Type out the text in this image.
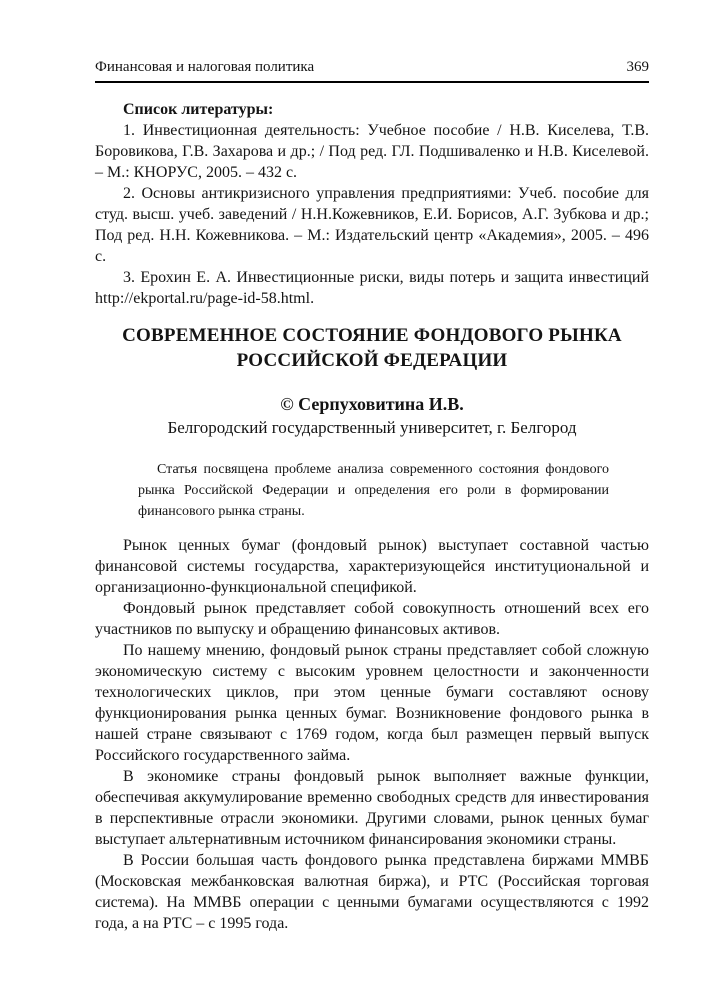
Финансовая и налоговая политика	369

Список литературы:

1. Инвестиционная деятельность: Учебное пособие / Н.В. Киселева, Т.В. Боровикова, Г.В. Захарова и др.; / Под ред. ГЛ. Подшиваленко и Н.В. Киселевой. – М.: КНОРУС, 2005. – 432 с.

2. Основы антикризисного управления предприятиями: Учеб. пособие для студ. высш. учеб. заведений / Н.Н.Кожевников, Е.И. Борисов, А.Г. Зубкова и др.; Под ред. Н.Н. Кожевникова. – М.: Издательский центр «Академия», 2005. – 496 с.

3. Ерохин Е. А. Инвестиционные риски, виды потерь и защита инвестиций http://ekportal.ru/page-id-58.html.

СОВРЕМЕННОЕ СОСТОЯНИЕ ФОНДОВОГО РЫНКА
РОССИЙСКОЙ ФЕДЕРАЦИИ

© Серпуховитина И.В.

Белгородский государственный университет, г. Белгород

Статья посвящена проблеме анализа современного состояния фондового рынка Российской Федерации и определения его роли в формировании финансового рынка страны.

Рынок ценных бумаг (фондовый рынок) выступает составной частью финансовой системы государства, характеризующейся институциональной и организационно-функциональной спецификой.

Фондовый рынок представляет собой совокупность отношений всех его участников по выпуску и обращению финансовых активов.

По нашему мнению, фондовый рынок страны представляет собой сложную экономическую систему с высоким уровнем целостности и законченности технологических циклов, при этом ценные бумаги составляют основу функционирования рынка ценных бумаг. Возникновение фондового рынка в нашей стране связывают с 1769 годом, когда был размещен первый выпуск Российского государственного займа.

В экономике страны фондовый рынок выполняет важные функции, обеспечивая аккумулирование временно свободных средств для инвестирования в перспективные отрасли экономики. Другими словами, рынок ценных бумаг выступает альтернативным источником финансирования экономики страны.

В России большая часть фондового рынка представлена биржами ММВБ (Московская межбанковская валютная биржа), и РТС (Российская торговая система). На ММВБ операции с ценными бумагами осуществляются с 1992 года, а на РТС – с 1995 года.
